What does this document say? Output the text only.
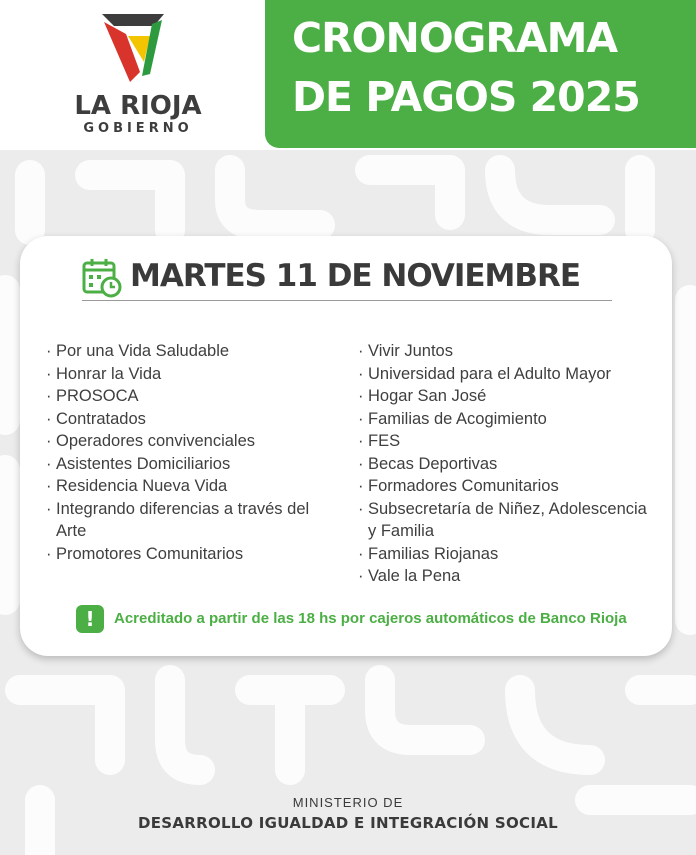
LA RIOJA
GOBIERNO
CRONOGRAMA
DE PAGOS 2025
MARTES 11 DE NOVIEMBRE
· Por una Vida Saludable
· Honrar la Vida
· PROSOCA
· Contratados
· Operadores convivenciales
· Asistentes Domiciliarios
· Residencia Nueva Vida
· Integrando diferencias a través del Arte
· Promotores Comunitarios
· Vivir Juntos
· Universidad para el Adulto Mayor
· Hogar San José
· Familias de Acogimiento
· FES
· Becas Deportivas
· Formadores Comunitarios
· Subsecretaría de Niñez, Adolescencia y Familia
· Familias Riojanas
· Vale la Pena
!	Acreditado a partir de las 18 hs por cajeros automáticos de Banco Rioja
MINISTERIO DE
DESARROLLO IGUALDAD E INTEGRACIÓN SOCIAL
